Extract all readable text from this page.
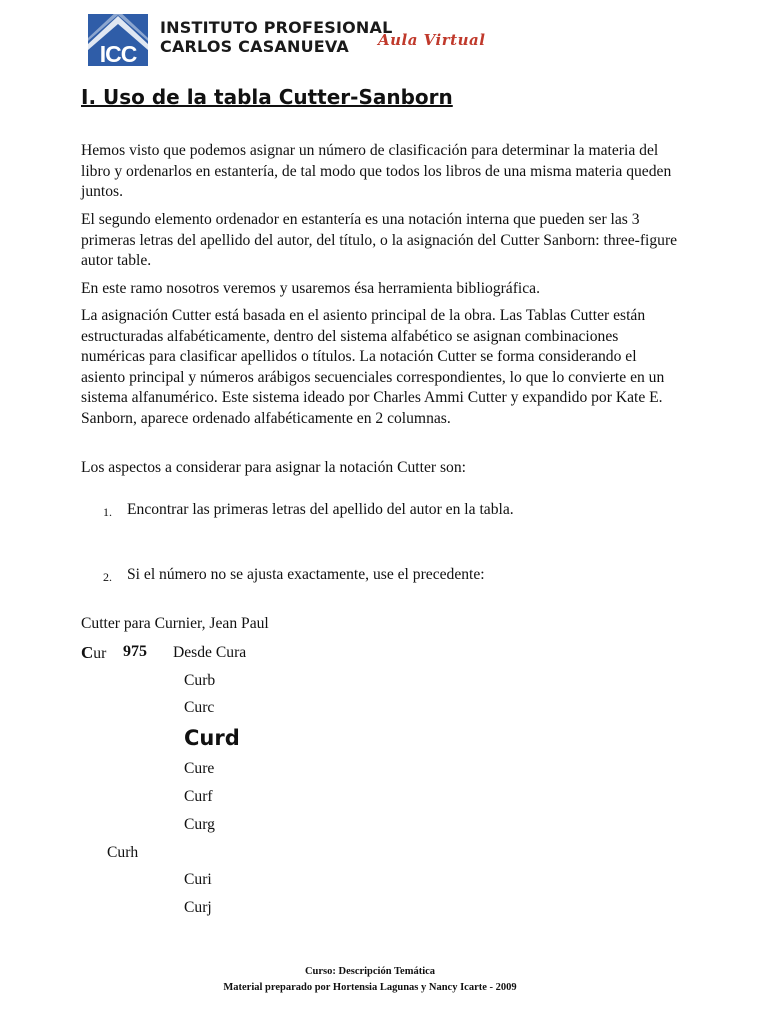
ICC
INSTITUTO PROFESIONAL
CARLOS CASANUEVA	Aula Virtual
I. Uso de la tabla Cutter-Sanborn

Hemos visto que podemos asignar un número de clasificación para determinar la materia del libro y ordenarlos en estantería, de tal modo que todos los libros de una misma materia queden juntos.

El segundo elemento ordenador en estantería es una notación interna que pueden ser las 3 primeras letras del apellido del autor, del título, o la asignación del Cutter Sanborn: three-figure autor table.

En este ramo nosotros veremos y usaremos ésa herramienta bibliográfica.

La asignación Cutter está basada en el asiento principal de la obra. Las Tablas Cutter están estructuradas alfabéticamente, dentro del sistema alfabético se asignan combinaciones numéricas para clasificar apellidos o títulos. La notación Cutter se forma considerando el asiento principal y números arábigos secuenciales correspondientes, lo que lo convierte en un sistema alfanumérico. Este sistema ideado por Charles Ammi Cutter y expandido por Kate E. Sanborn, aparece ordenado alfabéticamente en 2 columnas.

Los aspectos a considerar para asignar la notación Cutter son:

1. Encontrar las primeras letras del apellido del autor en la tabla.
2. Si el número no se ajusta exactamente, use el precedente:
Cutter para Curnier, Jean Paul
Cur 975 Desde Cura
Curb
Curc
Curd
Cure
Curf
Curg
Curh
Curi
Curj
Curso: Descripción Temática
Material preparado por Hortensia Lagunas y Nancy Icarte - 2009
